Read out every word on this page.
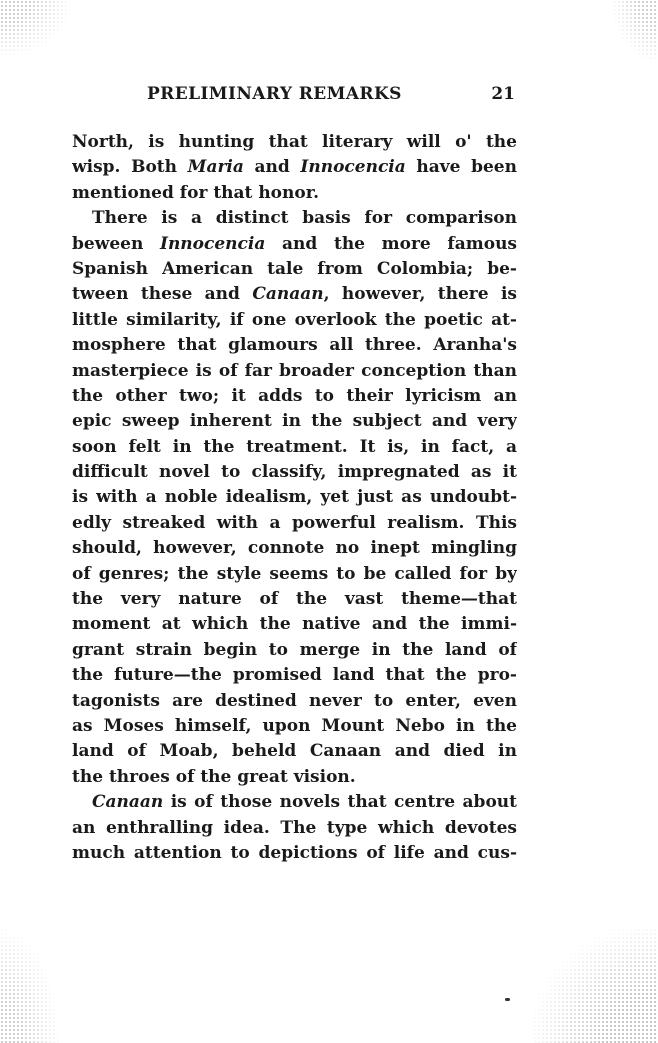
PRELIMINARY REMARKS	21
North, is hunting that literary will o' the
wisp. Both Maria and Innocencia have been
mentioned for that honor.
There is a distinct basis for comparison
beween Innocencia and the more famous
Spanish American tale from Colombia; be-
tween these and Canaan, however, there is
little similarity, if one overlook the poetic at-
mosphere that glamours all three. Aranha's
masterpiece is of far broader conception than
the other two; it adds to their lyricism an
epic sweep inherent in the subject and very
soon felt in the treatment. It is, in fact, a
difficult novel to classify, impregnated as it
is with a noble idealism, yet just as undoubt-
edly streaked with a powerful realism. This
should, however, connote no inept mingling
of genres; the style seems to be called for by
the very nature of the vast theme—that
moment at which the native and the immi-
grant strain begin to merge in the land of
the future—the promised land that the pro-
tagonists are destined never to enter, even
as Moses himself, upon Mount Nebo in the
land of Moab, beheld Canaan and died in
the throes of the great vision.
Canaan is of those novels that centre about
an enthralling idea. The type which devotes
much attention to depictions of life and cus-
